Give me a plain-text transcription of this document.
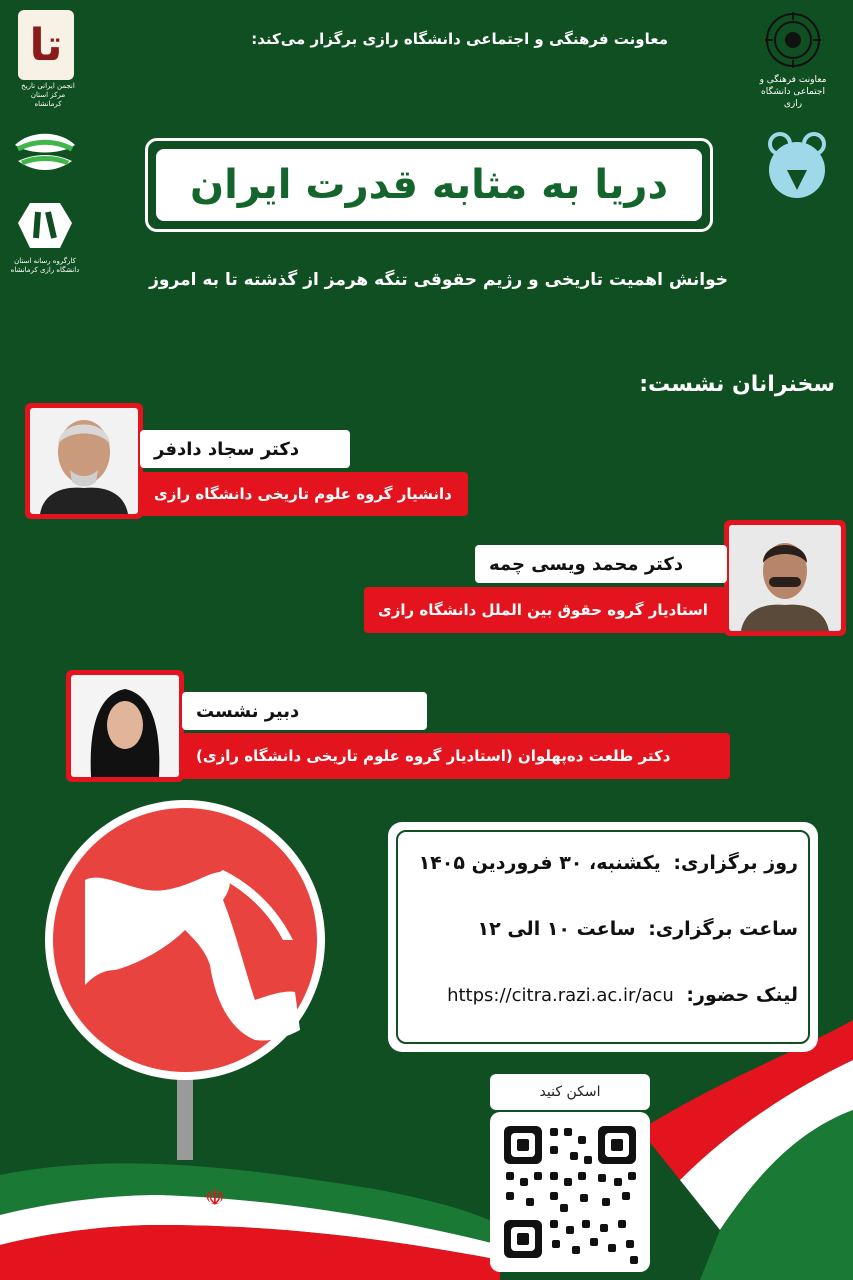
☫
معاونت فرهنگی و اجتماعی دانشگاه رازی
تا
انجمن ایرانی تاریخ مرکز استان کرمانشاه
کارگروه رسانه استان دانشگاه رازی کرمانشاه
معاونت فرهنگی و اجتماعی دانشگاه رازی برگزار می‌کند:
دریا به مثابه قدرت ایران
خوانش اهمیت تاریخی و رژیم حقوقی تنگه هرمز از گذشته تا به امروز
سخنرانان نشست:
دکتر سجاد دادفر
دانشیار گروه علوم تاریخی دانشگاه رازی
دکتر محمد ویسی چمه
استادیار گروه حقوق بین الملل دانشگاه رازی
دبیر نشست
دکتر طلعت ده‌پهلوان (استادیار گروه علوم تاریخی دانشگاه رازی)
روز برگزاری: یکشنبه، ۳۰ فروردین ۱۴۰۵
ساعت برگزاری: ساعت ۱۰ الی ۱۲
لینک حضور: https://citra.razi.ac.ir/acu
اسکن کنید
